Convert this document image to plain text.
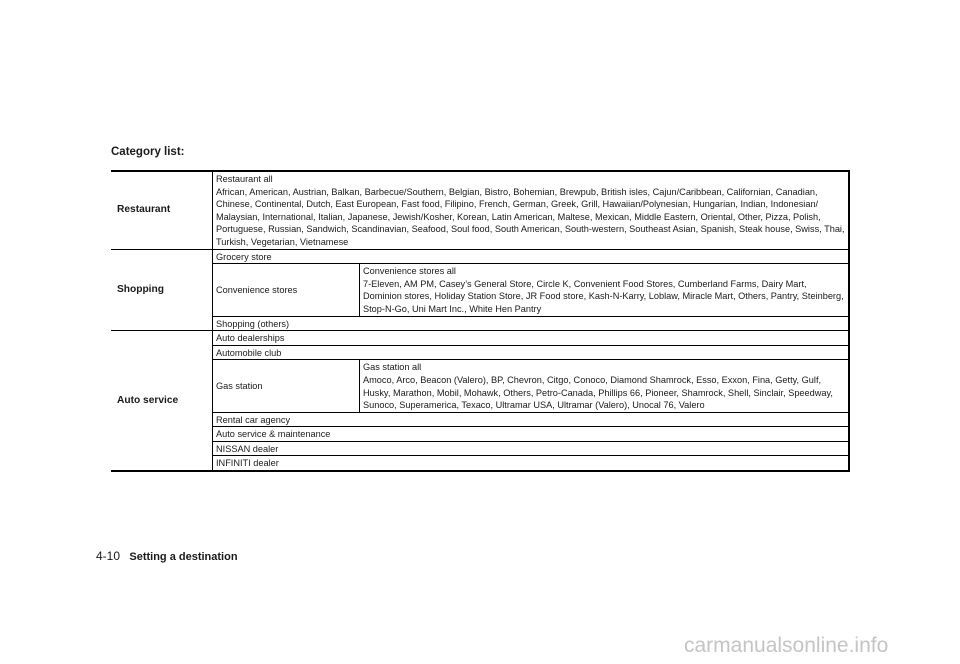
Category list:
Restaurant	Restaurant all
African, American, Austrian, Balkan, Barbecue/Southern, Belgian, Bistro, Bohemian, Brewpub, British isles, Cajun/Caribbean, Californian, Canadian, Chinese, Continental, Dutch, East European, Fast food, Filipino, French, German, Greek, Grill, Hawaiian/Polynesian, Hungarian, Indian, Indonesian/ Malaysian, International, Italian, Japanese, Jewish/Kosher, Korean, Latin American, Maltese, Mexican, Middle Eastern, Oriental, Other, Pizza, Polish, Portuguese, Russian, Sandwich, Scandinavian, Seafood, Soul food, South American, South-western, Southeast Asian, Spanish, Steak house, Swiss, Thai, Turkish, Vegetarian, Vietnamese	

Shopping	Grocery store	
	Convenience stores	Convenience stores all
7-Eleven, AM PM, Casey’s General Store, Circle K, Convenient Food Stores, Cumberland Farms, Dairy Mart, Dominion stores, Holiday Station Store, JR Food store, Kash-N-Karry, Loblaw, Miracle Mart, Others, Pantry, Steinberg, Stop-N-Go, Uni Mart Inc., White Hen Pantry

	Shopping (others)	
Auto service	Auto dealerships	
	Automobile club	
	Gas station	Gas station all
Amoco, Arco, Beacon (Valero), BP, Chevron, Citgo, Conoco, Diamond Shamrock, Esso, Exxon, Fina, Getty, Gulf, Husky, Marathon, Mobil, Mohawk, Others, Petro-Canada, Phillips 66, Pioneer, Shamrock, Shell, Sinclair, Speedway, Sunoco, Superamerica, Texaco, Ultramar USA, Ultramar (Valero), Unocal 76, Valero

	Rental car agency	
	Auto service & maintenance	
	NISSAN dealer	
	INFINITI dealer	
4-10 Setting a destination
carmanualsonline.info
